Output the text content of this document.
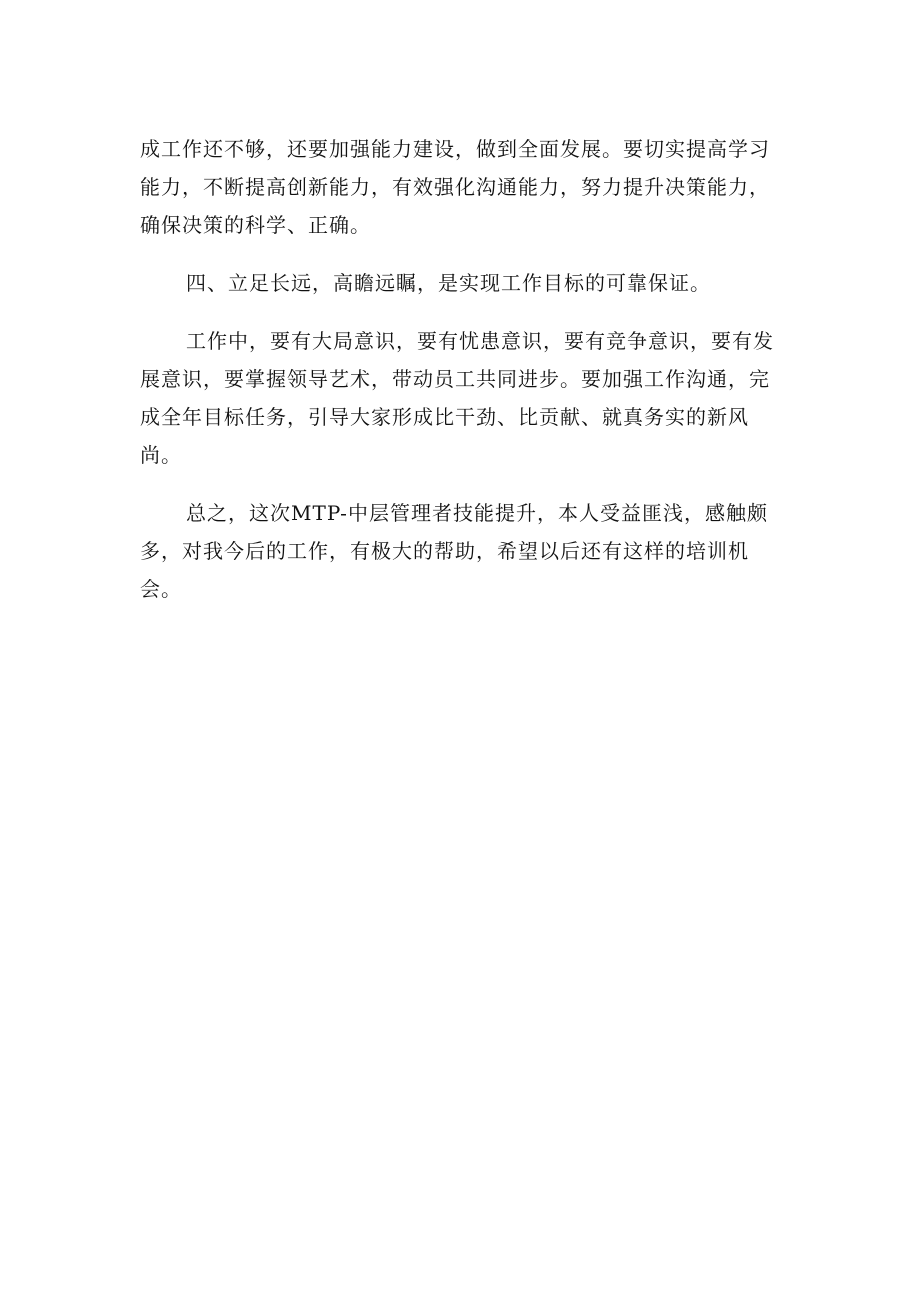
成工作还不够，还要加强能力建设，做到全面发展。要切实提高学习能力，不断提高创新能力，有效强化沟通能力，努力提升决策能力，确保决策的科学、正确。

四、立足长远，高瞻远瞩，是实现工作目标的可靠保证。

工作中，要有大局意识，要有忧患意识，要有竞争意识，要有发展意识，要掌握领导艺术，带动员工共同进步。要加强工作沟通，完成全年目标任务，引导大家形成比干劲、比贡献、就真务实的新风尚。

总之，这次MTP-中层管理者技能提升，本人受益匪浅，感触颇多，对我今后的工作，有极大的帮助，希望以后还有这样的培训机会。
